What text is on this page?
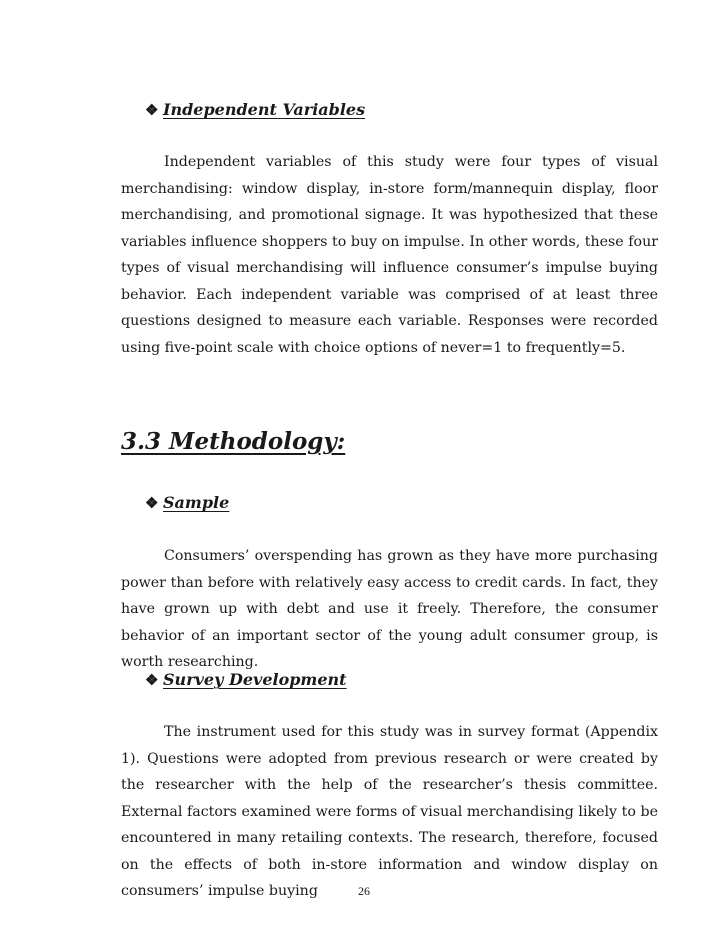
❖ Independent Variables

Independent variables of this study were four types of visual merchandising: window display, in-store form/mannequin display, floor merchandising, and promotional signage. It was hypothesized that these variables influence shoppers to buy on impulse. In other words, these four types of visual merchandising will influence consumer’s impulse buying behavior. Each independent variable was comprised of at least three questions designed to measure each variable. Responses were recorded using five-point scale with choice options of never=1 to frequently=5.

3.3 Methodology:
❖ Sample

Consumers’ overspending has grown as they have more purchasing power than before with relatively easy access to credit cards. In fact, they have grown up with debt and use it freely. Therefore, the consumer behavior of an important sector of the young adult consumer group, is worth researching.

❖ Survey Development

The instrument used for this study was in survey format (Appendix 1). Questions were adopted from previous research or were created by the researcher with the help of the researcher’s thesis committee. External factors examined were forms of visual merchandising likely to be encountered in many retailing contexts. The research, therefore, focused on the effects of both in-store information and window display on consumers’ impulse buying	26
